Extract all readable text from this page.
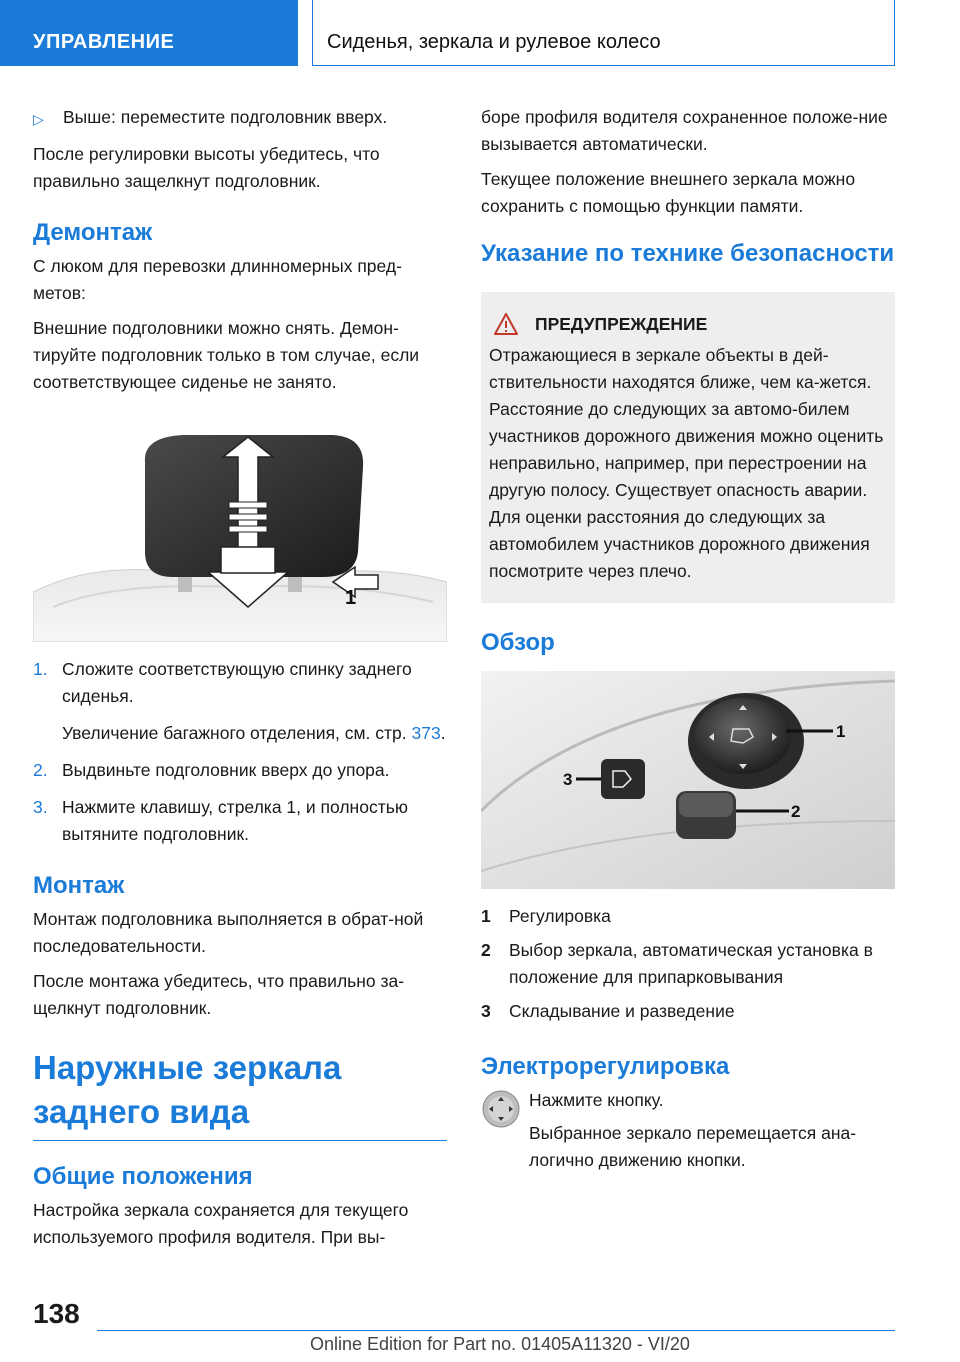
УПРАВЛЕНИЕ	Сиденья, зеркала и рулевое колесо

▷	Выше: переместите подголовник вверх.

После регулировки высоты убедитесь, что правильно защелкнут подголовник.

Демонтаж

С люком для перевозки длинномерных пред-метов:

Внешние подголовники можно снять. Демон-тируйте подголовник только в том случае, если соответствующее сиденье не занято.

1
1. Сложите соответствующую спинку заднего сиденья.
Увеличение багажного отделения, см. стр. 373.
2. Выдвиньте подголовник вверх до упора.
3. Нажмите клавишу, стрелка 1, и полностью вытяните подголовник.
Монтаж

Монтаж подголовника выполняется в обрат-ной последовательности.

После монтажа убедитесь, что правильно за-щелкнут подголовник.

Наружные зеркала заднего вида
Общие положения

Настройка зеркала сохраняется для текущего используемого профиля водителя. При вы-

боре профиля водителя сохраненное положе-ние вызывается автоматически.

Текущее положение внешнего зеркала можно сохранить с помощью функции памяти.

Указание по технике безопасности
ПРЕДУПРЕЖДЕНИЕ

Отражающиеся в зеркале объекты в дей-ствительности находятся ближе, чем ка-жется. Расстояние до следующих за автомо-билем участников дорожного движения можно оценить неправильно, например, при перестроении на другую полосу. Существует опасность аварии. Для оценки расстояния до следующих за автомобилем участников дорожного движения посмотрите через плечо.

Обзор
1
3
2
1	Регулировка
2	Выбор зеркала, автоматическая установка в положение для припарковывания
3	Складывание и разведение
Электрорегулировка

Нажмите кнопку.

Выбранное зеркало перемещается ана-логично движению кнопки.

138
Online Edition for Part no. 01405A11320 - VI/20
